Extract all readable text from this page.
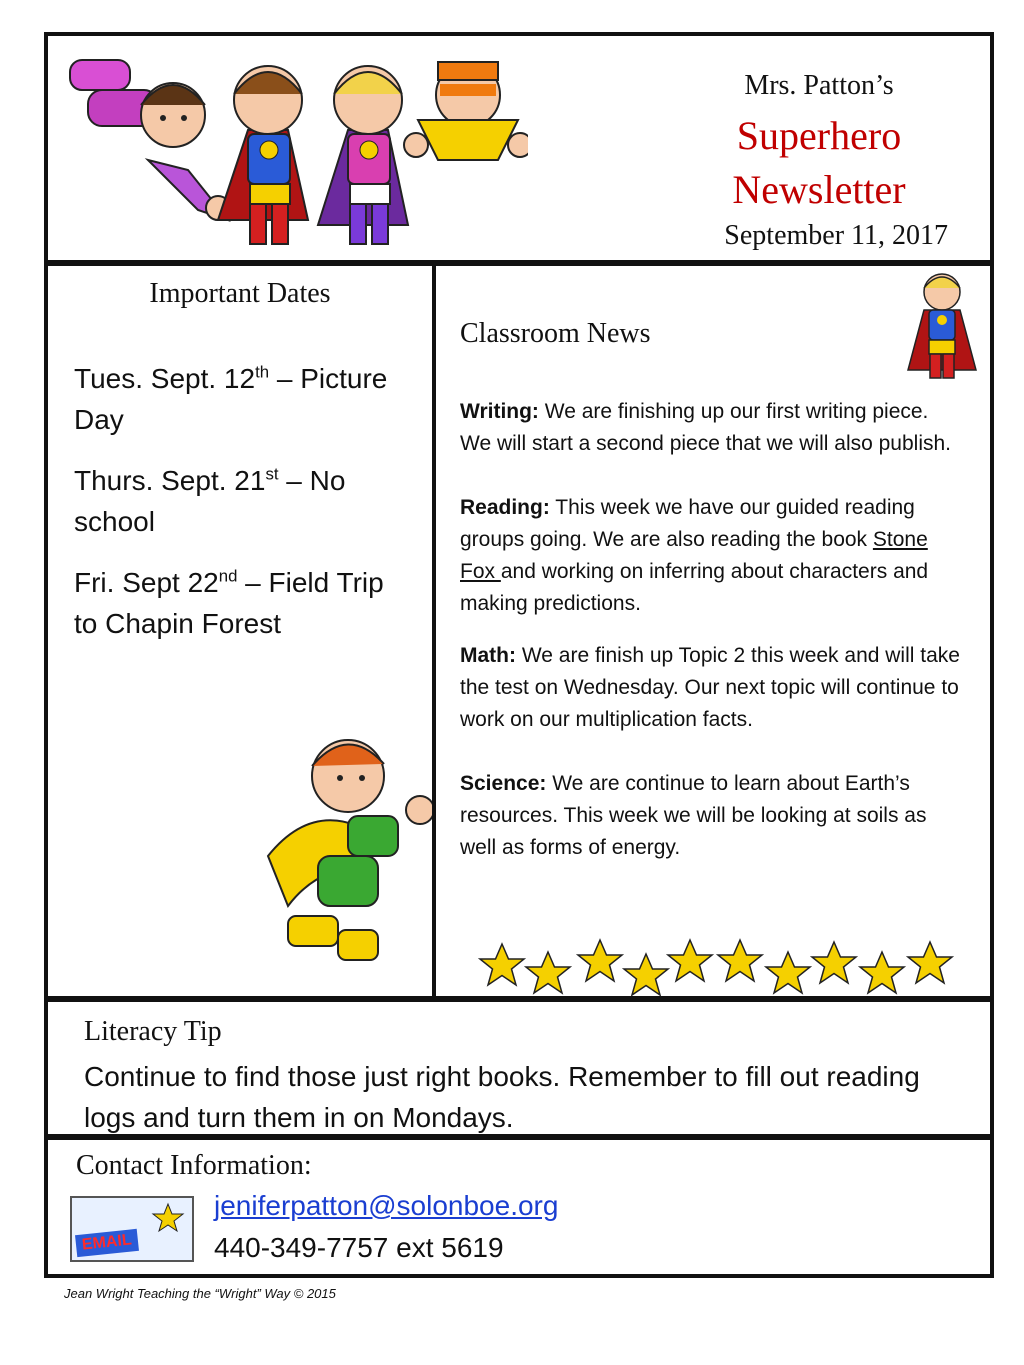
Mrs. Patton’s
Superhero
Newsletter
September 11, 2017
Important Dates

Tues. Sept. 12th – Picture Day

Thurs. Sept. 21st – No school

Fri. Sept 22nd – Field Trip to Chapin Forest

Classroom News

Writing: We are finishing up our first writing piece. We will start a second piece that we will also publish.

Reading: This week we have our guided reading groups going. We are also reading the book Stone Fox and working on inferring about characters and making predictions.

Math: We are finish up Topic 2 this week and will take the test on Wednesday. Our next topic will continue to work on our multiplication facts.

Science: We are continue to learn about Earth’s resources. This week we will be looking at soils as well as forms of energy.

Literacy Tip
Continue to find those just right books. Remember to fill out reading logs and turn them in on Mondays.
Contact Information:
EMAIL
jeniferpatton@solonboe.org
440-349-7757 ext 5619
Jean Wright Teaching the “Wright” Way © 2015
